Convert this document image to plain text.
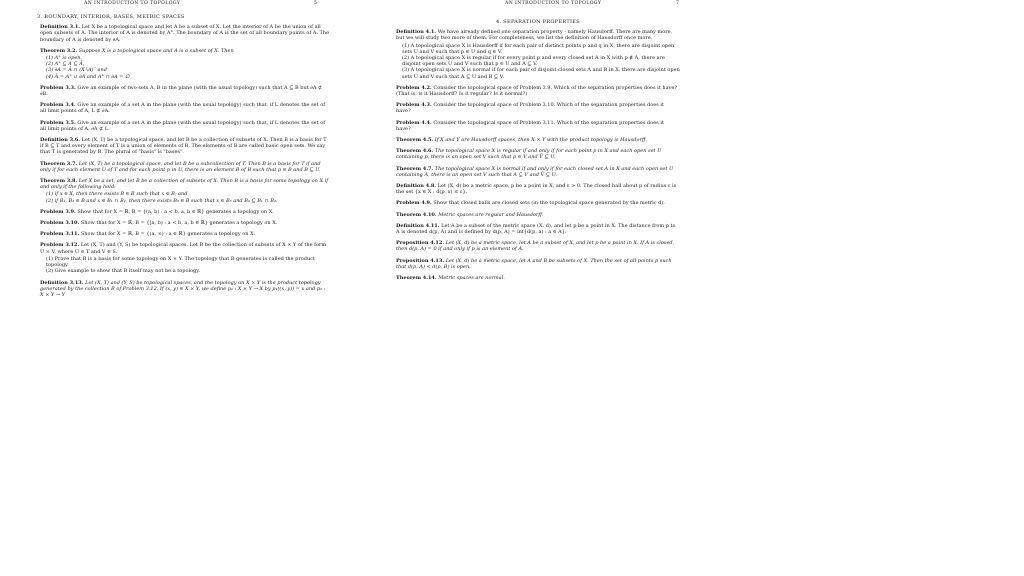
AN INTRODUCTION TO TOPOLOGY	5
3. BOUNDARY, INTERIOR, BASES, METRIC SPACES
Definition 3.1. Let X be a topological space and let A be a subset of X. Let the interior of A be the union of all open subsets of A. The interior of A is denoted by A°. The boundary of A is the set of all boundary points of A. The boundary of A is denoted by ∂A.
Theorem 3.2. Suppose X is a topological space and A is a subset of X. Then
(1) A° is open,
(2) A° ⊆ A ⊆ Ā,
(3) ∂A = Ā ∩ (X∖A)‾ and
(4) Ā = A° ∪ ∂A and A° ∩ ∂A = ∅
Problem 3.3. Give an example of two sets A, B in the plane (with the usual topology) such that A ⊆ B but ∂A ⊄ ∂B.
Problem 3.4. Give an example of a set A in the plane (with the usual topology) such that, if L denotes the set of all limit points of A, L ⊄ ∂A.
Problem 3.5. Give an example of a set A in the plane (with the usual topology) such that, if L denotes the set of all limit points of A, ∂A ⊄ L.
Definition 3.6. Let (X, T) be a topological space, and let B be a collection of subsets of X. Then B is a basis for T if B ⊆ T and every element of T is a union of elements of B. The elements of B are called basic open sets. We say that T is generated by B. The plural of "basis" is "bases".
Theorem 3.7. Let (X, T) be a topological space, and let B be a subcollection of T. Then B is a basis for T if and only if for each element U of T and for each point p in U, there is an element B of B such that p ∈ B and B ⊆ U.
Theorem 3.8. Let X be a set, and let B be a collection of subsets of X. Then B is a basis for some topology on X if and only if the following hold:
(1) if x ∈ X, then there exists B ∈ B such that x ∈ B; and
(2) if B₁, B₂ ∈ B and x ∈ B₁ ∩ B₂, then there exists B₃ ∈ B such that x ∈ B₃ and B₃ ⊆ B₁ ∩ B₂.
Problem 3.9. Show that for X = ℝ, B = {(a, b) : a < b, a, b ∈ ℝ} generates a topology on X.
Problem 3.10. Show that for X = ℝ, B = {[a, b) : a < b, a, b ∈ ℝ} generates a topology on X.
Problem 3.11. Show that for X = ℝ, B = {(a, ∞) : a ∈ ℝ} generates a topology on X.
Problem 3.12. Let (X, T) and (Y, S) be topological spaces. Let B be the collection of subsets of X × Y of the form U × V, where U ∈ T and V ∈ S.
(1) Prove that B is a basis for some topology on X × Y. The topology that B generates is called the product topology.
(2) Give example to show that B itself may not be a topology.
Definition 3.13. Let (X, T) and (Y, S) be topological spaces, and the topology on X × Y is the product topology generated by the collection B of Problem 3.12. If (x, y) ∈ X × Y, we define p₁ : X × Y → X by p₁((x, y)) = x and p₂ : X × Y → Y
AN INTRODUCTION TO TOPOLOGY	7
4. SEPARATION PROPERTIES
Definition 4.1. We have already defined one separation property - namely Hausdorff. There are many more, but we will study two more of them. For completeness, we list the definition of Hausdorff once more.
(1) A topological space X is Hausdorff if for each pair of distinct points p and q in X, there are disjoint open sets U and V such that p ∈ U and q ∈ V.
(2) A topological space X is regular if for every point p and every closed set A in X with p ∉ A, there are disjoint open sets U and V such that p ∈ U and A ⊆ V.
(3) A topological space X is normal if for each pair of disjoint closed sets A and B in X, there are disjoint open sets U and V such that A ⊆ U and B ⊆ V.
Problem 4.2. Consider the topological space of Problem 3.9. Which of the separation properties does it have? (That is, is it Hausdorff? Is it regular? Is it normal?)
Problem 4.3. Consider the topological space of Problem 3.10. Which of the separation properties does it have?
Problem 4.4. Consider the topological space of Problem 3.11. Which of the separation properties does it have?
Theorem 4.5. If X and Y are Hausdorff spaces, then X × Y with the product topology is Hausdorff.
Theorem 4.6. The topological space X is regular if and only if for each point p in X and each open set U containing p, there is an open set V such that p ∈ V and V̄ ⊆ U.
Theorem 4.7. The topological space X is normal if and only if for each closed set A in X and each open set U containing A, there is an open set V such that A ⊆ V and V̄ ⊆ U.
Definition 4.8. Let (X, d) be a metric space, p be a point in X, and ε > 0. The closed ball about p of radius ε is the set {x ∈ X : d(p, x) ≤ ε}.
Problem 4.9. Show that closed balls are closed sets (in the topological space generated by the metric d).
Theorem 4.10. Metric spaces are regular and Hausdorff.
Definition 4.11. Let A be a subset of the metric space (X, d), and let p be a point in X. The distance from p to A is denoted d(p, A) and is defined by d(p, A) = inf{d(p, a) : a ∈ A}.
Proposition 4.12. Let (X, d) be a metric space, let A be a subset of X, and let p be a point in X. If A is closed, then d(p, A) = 0 if and only if p is an element of A.
Proposition 4.13. Let (X, d) be a metric space, let A and B be subsets of X. Then the set of all points p such that d(p, A) < d(p, B) is open.
Theorem 4.14. Metric spaces are normal.
